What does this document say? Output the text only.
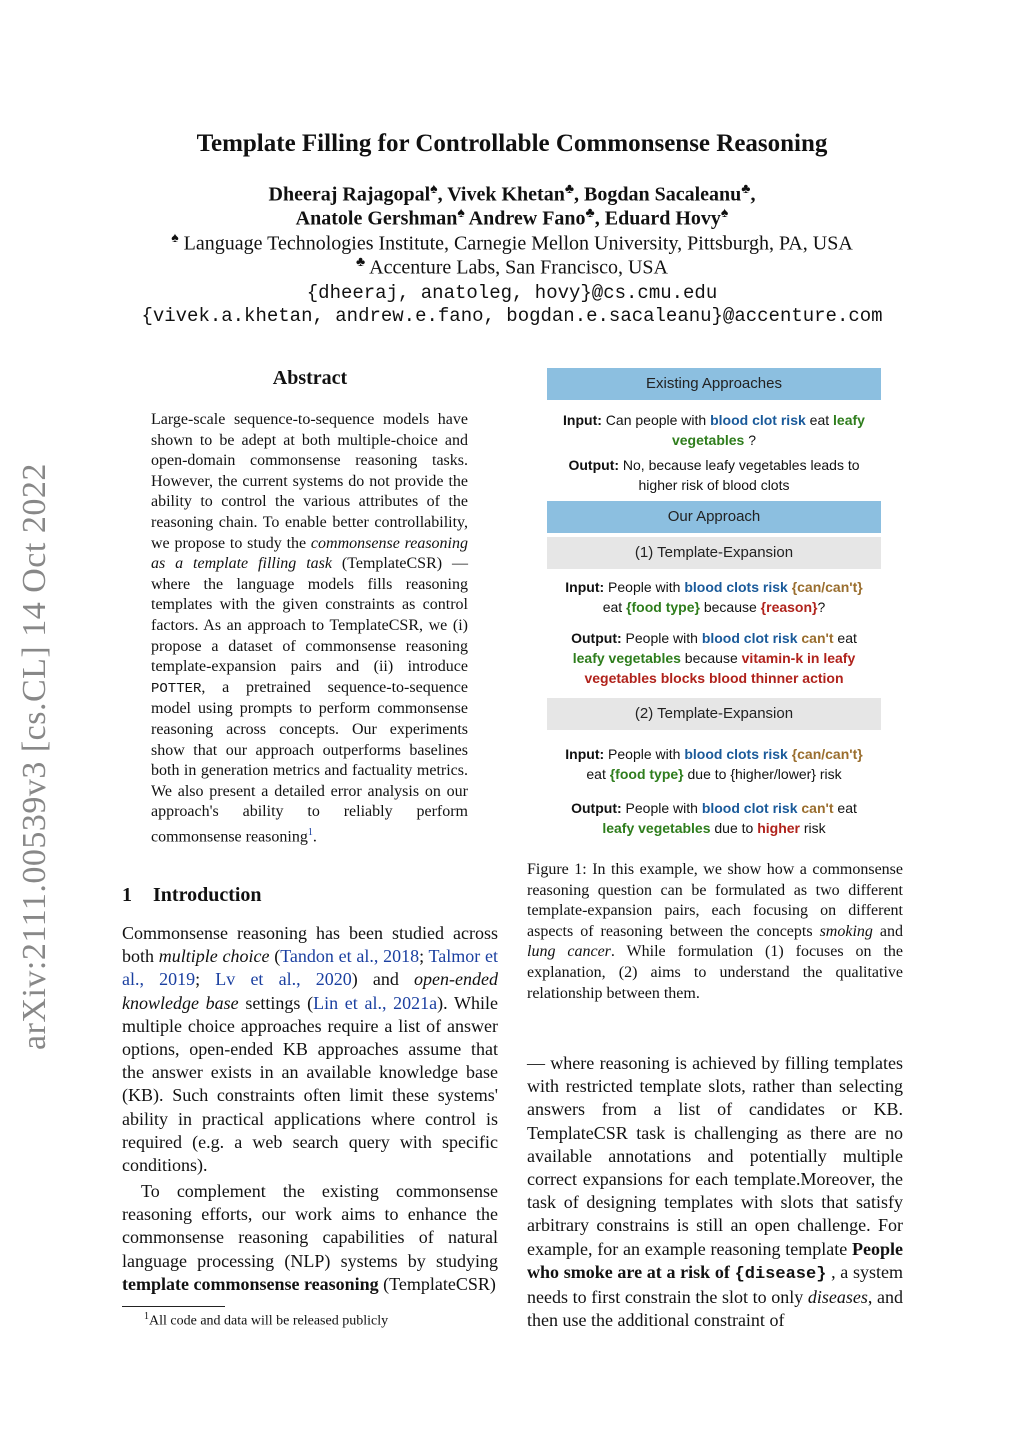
arXiv:2111.00539v3 [cs.CL] 14 Oct 2022
Template Filling for Controllable Commonsense Reasoning
Dheeraj Rajagopal♠, Vivek Khetan♣, Bogdan Sacaleanu♣,
Anatole Gershman♠ Andrew Fano♣, Eduard Hovy♠
♠ Language Technologies Institute, Carnegie Mellon University, Pittsburgh, PA, USA
♣ Accenture Labs, San Francisco, USA
{dheeraj, anatoleg, hovy}@cs.cmu.edu
{vivek.a.khetan, andrew.e.fano, bogdan.e.sacaleanu}@accenture.com
Abstract
Large-scale sequence-to-sequence models have shown to be adept at both multiple-choice and open-domain commonsense reasoning tasks. However, the current systems do not provide the ability to control the various attributes of the reasoning chain. To enable better controllability, we propose to study the commonsense reasoning as a template filling task (TemplateCSR) — where the language models fills reasoning templates with the given constraints as control factors. As an approach to TemplateCSR, we (i) propose a dataset of commonsense reasoning template-expansion pairs and (ii) introduce POTTER, a pretrained sequence-to-sequence model using prompts to perform commonsense reasoning across concepts. Our experiments show that our approach outperforms baselines both in generation metrics and factuality metrics. We also present a detailed error analysis on our approach's ability to reliably perform commonsense reasoning$^1$.
1 Introduction
Commonsense reasoning has been studied across both multiple choice (Tandon et al., 2018; Talmor et al., 2019; Lv et al., 2020) and open-ended knowledge base settings (Lin et al., 2021a). While multiple choice approaches require a list of answer options, open-ended KB approaches assume that the answer exists in an available knowledge base (KB). Such constraints often limit these systems' ability in practical applications where control is required (e.g. a web search query with specific conditions).
To complement the existing commonsense reasoning efforts, our work aims to enhance the commonsense reasoning capabilities of natural language processing (NLP) systems by studying template commonsense reasoning (TemplateCSR)
$^1$All code and data will be released publicly
Existing Approaches
Input: Can people with blood clot risk eat leafy vegetables ?
Output: No, because leafy vegetables leads to higher risk of blood clots
Our Approach
(1) Template-Expansion
Input: People with blood clots risk {can/can't} eat {food type} because {reason}?
Output: People with blood clot risk can't eat leafy vegetables because vitamin-k in leafy vegetables blocks blood thinner action
(2) Template-Expansion
Input: People with blood clots risk {can/can't} eat {food type} due to {higher/lower} risk
Output: People with blood clot risk can't eat leafy vegetables due to higher risk
Figure 1: In this example, we show how a commonsense reasoning question can be formulated as two different template-expansion pairs, each focusing on different aspects of reasoning between the concepts smoking and lung cancer. While formulation (1) focuses on the explanation, (2) aims to understand the qualitative relationship between them.
— where reasoning is achieved by filling templates with restricted template slots, rather than selecting answers from a list of candidates or KB. TemplateCSR task is challenging as there are no available annotations and potentially multiple correct expansions for each template.Moreover, the task of designing templates with slots that satisfy arbitrary constrains is still an open challenge. For example, for an example reasoning template People who smoke are at a risk of {disease} , a system needs to first constrain the slot to only diseases, and then use the additional constraint of
